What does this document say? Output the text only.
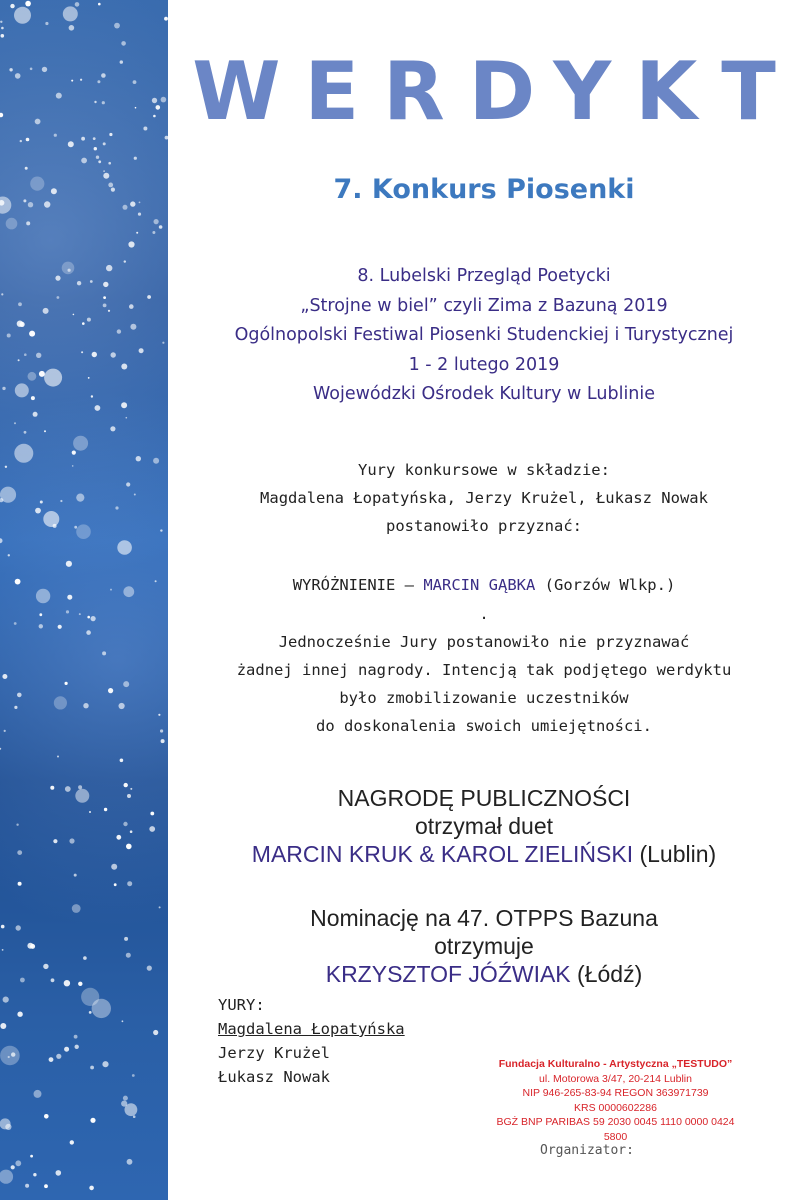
WERDYKT
7. Konkurs Piosenki
8. Lubelski Przegląd Poetycki
„Strojne w biel” czyli Zima z Bazuną 2019
Ogólnopolski Festiwal Piosenki Studenckiej i Turystycznej
1 - 2 lutego 2019
Wojewódzki Ośrodek Kultury w Lublinie
Yury konkursowe w składzie:
Magdalena Łopatyńska, Jerzy Krużel, Łukasz Nowak
postanowiło przyznać:
WYRÓŻNIENIE – MARCIN GĄBKA (Gorzów Wlkp.)
.
Jednocześnie Jury postanowiło nie przyznawać
żadnej innej nagrody. Intencją tak podjętego werdyktu
było zmobilizowanie uczestników
do doskonalenia swoich umiejętności.
NAGRODĘ PUBLICZNOŚCI
otrzymał duet
MARCIN KRUK & KAROL ZIELIŃSKI (Lublin)
Nominację na 47. OTPPS Bazuna
otrzymuje
KRZYSZTOF JÓŹWIAK (Łódź)
YURY:
Magdalena Łopatyńska
Jerzy Krużel
Łukasz Nowak
Fundacja Kulturalno - Artystyczna „TESTUDO”
ul. Motorowa 3/47, 20-214 Lublin
NIP 946-265-83-94 REGON 363971739
KRS 0000602286
BGŻ BNP PARIBAS 59 2030 0045 1110 0000 0424 5800
Organizator:
